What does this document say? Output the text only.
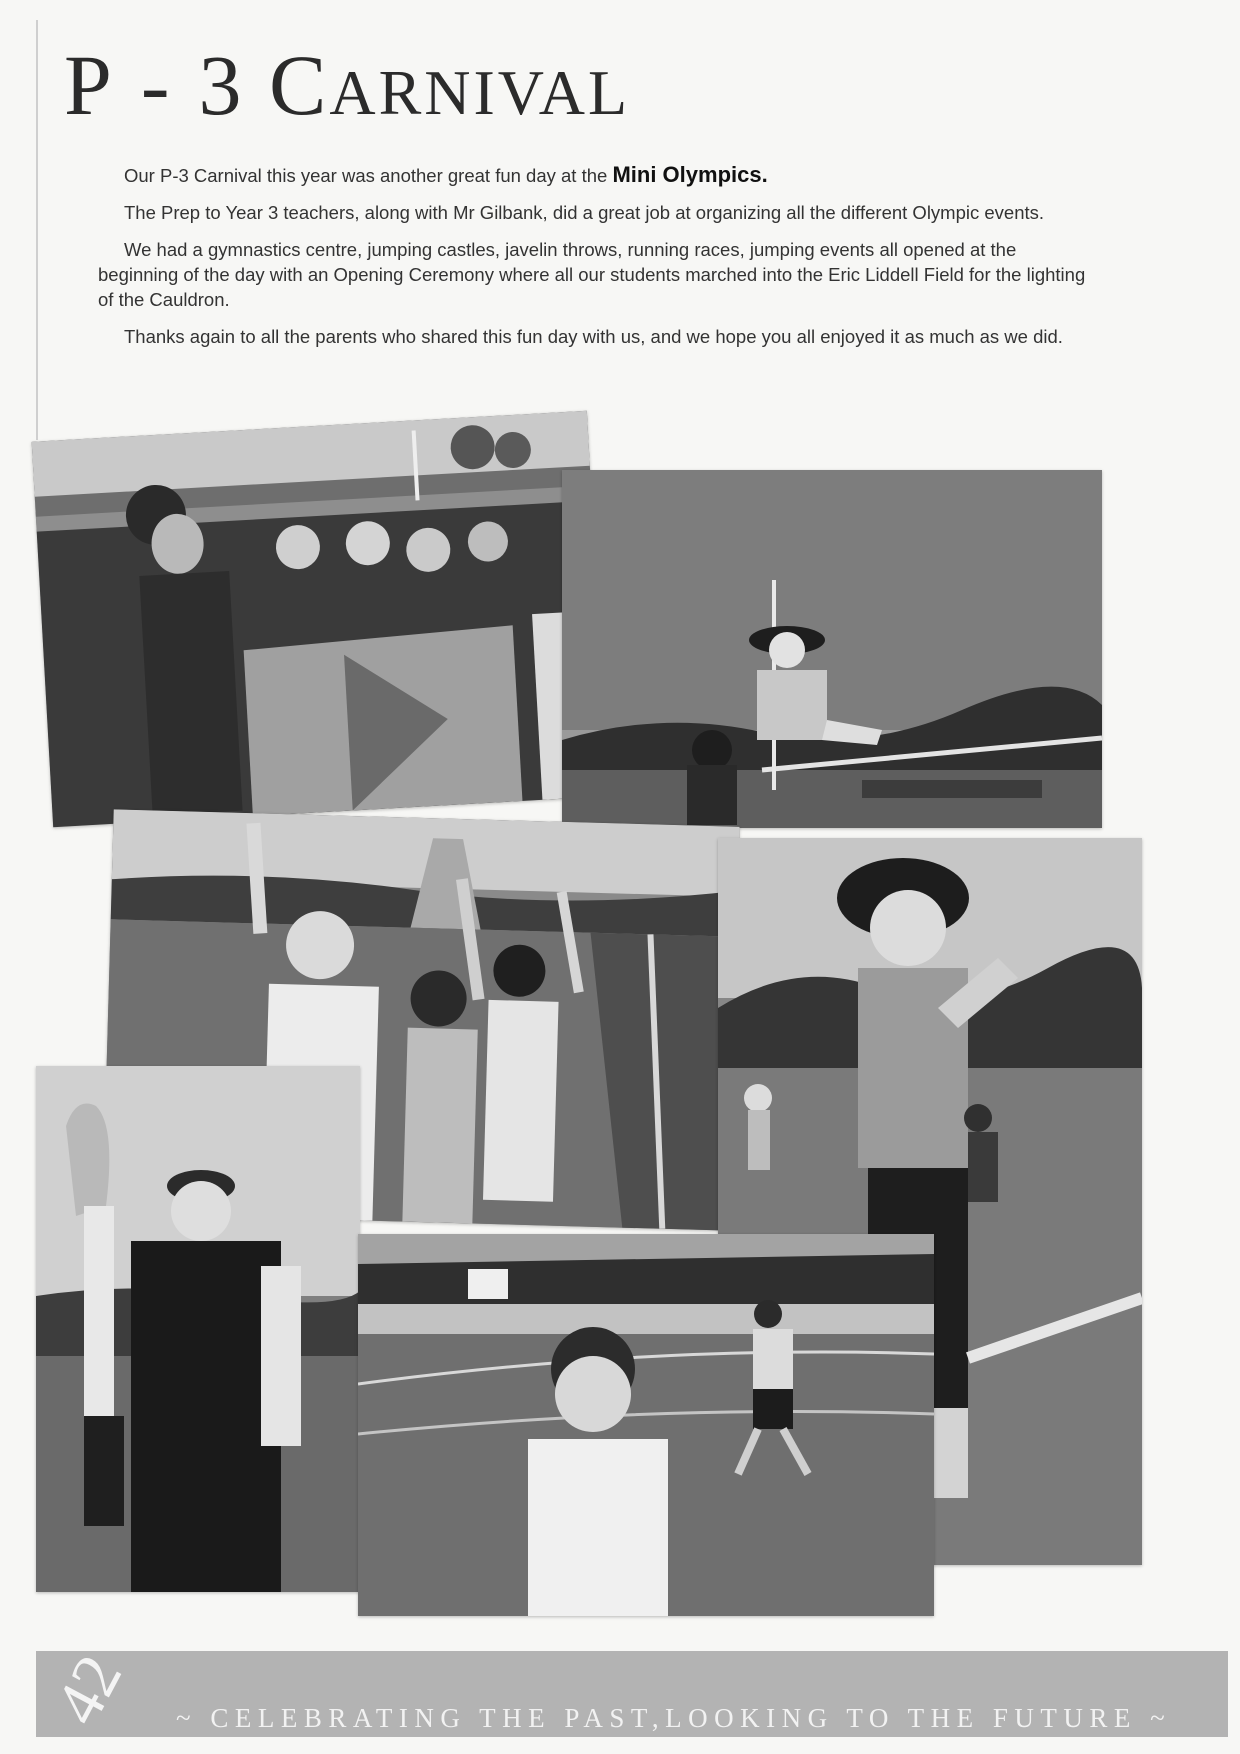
P - 3 CARNIVAL

Our P-3 Carnival this year was another great fun day at the Mini Olympics.

The Prep to Year 3 teachers, along with Mr Gilbank, did a great job at organizing all the different Olympic events.

We had a gymnastics centre, jumping castles, javelin throws, running races, jumping events all opened at the beginning of the day with an Opening Ceremony where all our students marched into the Eric Liddell Field for the lighting of the Cauldron.

Thanks again to all the parents who shared this fun day with us, and we hope you all enjoyed it as much as we did.

42 ~ CELEBRATING THE PAST,LOOKING TO THE FUTURE ~
